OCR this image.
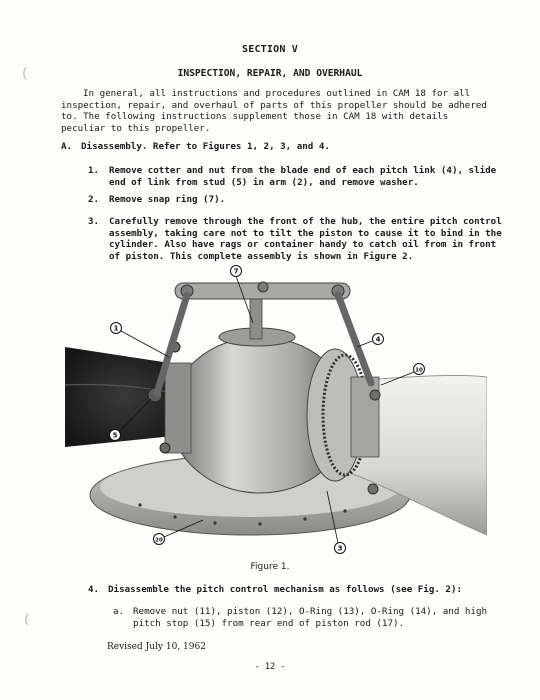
(
(
SECTION V
INSPECTION, REPAIR, AND OVERHAUL
In general, all instructions and procedures outlined in CAM 18 for all
inspection, repair, and overhaul of parts of this propeller should be adhered
to. The following instructions supplement those in CAM 18 with details
peculiar to this propeller.
A. Disassembly. Refer to Figures 1, 2, 3, and 4.
1.	Remove cotter and nut from the blade end of each pitch link (4), slide
end of link from stud (5) in arm (2), and remove washer.
2.	Remove snap ring (7).
3.	Carefully remove through the front of the hub, the entire pitch control
assembly, taking care not to tilt the piston to cause it to bind in the
cylinder. Also have rags or container handy to catch oil from in front
of piston. This complete assembly is shown in Figure 2.
7
1
4
10
5
20
3
Figure 1.
4. Disassemble the pitch control mechanism as follows (see Fig. 2):
a. Remove nut (11), piston (12), O-Ring (13), O-Ring (14), and high
pitch stop (15) from rear end of piston rod (17).
Revised July 10, 1962
- 12 -
